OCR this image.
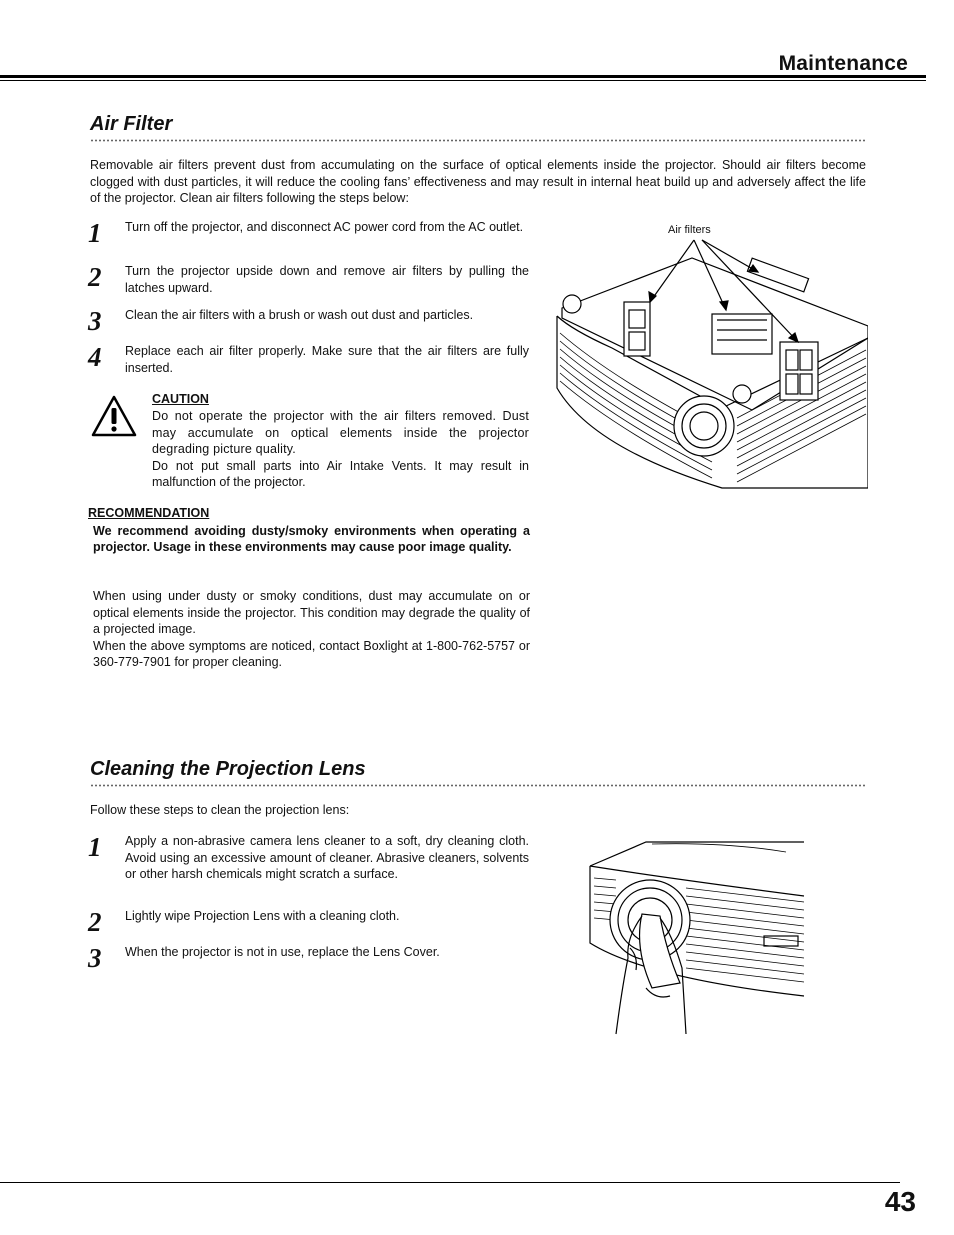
Maintenance
Air Filter
Removable air filters prevent dust from accumulating on the surface of optical elements inside the projector. Should air filters become clogged with dust particles, it will reduce the cooling fans’ effectiveness and may result in internal heat build up and adversely affect the life of the projector. Clean air filters following the steps below:
1 Turn off the projector, and disconnect AC power cord from the AC outlet.
2 Turn the projector upside down and remove air filters by pulling the latches upward.
3 Clean the air filters with a brush or wash out dust and particles.
4 Replace each air filter properly. Make sure that the air filters are fully inserted.
CAUTION
Do not operate the projector with the air filters removed. Dust may accumulate on optical elements inside the projector degrading picture quality.
Do not put small parts into Air Intake Vents. It may result in malfunction of the projector.
RECOMMENDATION
We recommend avoiding dusty/smoky environments when operating a projector. Usage in these environments may cause poor image quality.
When using under dusty or smoky conditions, dust may accumulate on or optical elements inside the projector. This condition may degrade the quality of a projected image.
When the above symptoms are noticed, contact Boxlight at 1-800-762-5757 or 360-779-7901 for proper cleaning.
Air filters
Cleaning the Projection Lens
Follow these steps to clean the projection lens:
1 Apply a non-abrasive camera lens cleaner to a soft, dry cleaning cloth. Avoid using an excessive amount of cleaner. Abrasive cleaners, solvents or other harsh chemicals might scratch a surface.
2 Lightly wipe Projection Lens with a cleaning cloth.
3 When the projector is not in use, replace the Lens Cover.
43
